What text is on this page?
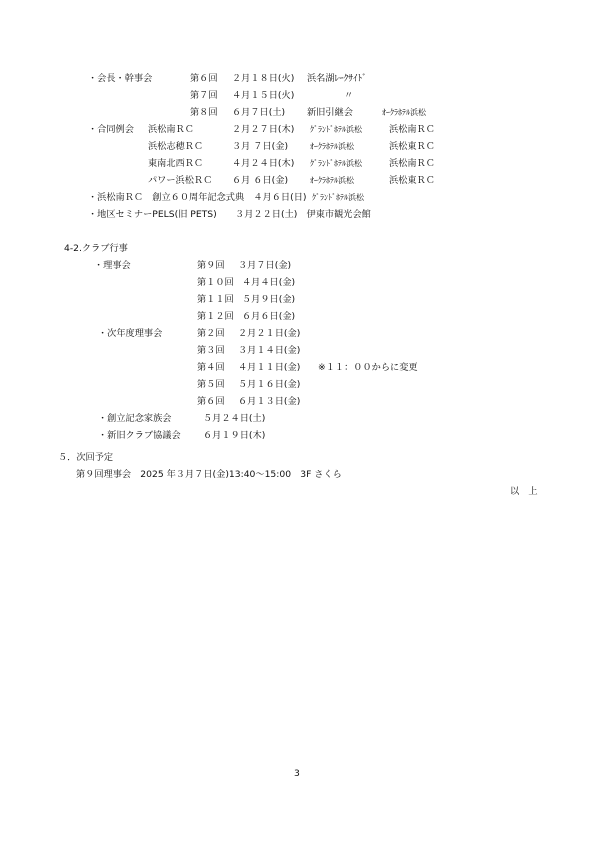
・会長・幹事会	第６回 ２月１８日(火) 浜名湖ﾚｰｸｻｲﾄﾞ
第７回 ４月１５日(火)	〃
第８回 ６月７日(土) 新旧引継会	ｵｰｸﾗﾎﾃﾙ浜松
・合同例会 浜松南ＲＣ	２月２７日(木) ｸﾞﾗﾝﾄﾞﾎﾃﾙ浜松	浜松南ＲＣ
浜松志穂ＲＣ	３月 ７日(金)	ｵｰｸﾗﾎﾃﾙ浜松	浜松東ＲＣ
東南北西ＲＣ	４月２４日(木) ｸﾞﾗﾝﾄﾞﾎﾃﾙ浜松	浜松南ＲＣ
パワー浜松ＲＣ ６月 ６日(金)	ｵｰｸﾗﾎﾃﾙ浜松	浜松東ＲＣ
・浜松南ＲＣ　創立６０周年記念式典　４月６日(日) ｸﾞﾗﾝﾄﾞﾎﾃﾙ浜松
・地区セミナーPELS(旧 PETS)　　３月２２日(土)　伊東市観光会館
4-2.クラブ行事
・理事会	第９回 ３月７日(金)
第１０回 ４月４日(金)
第１１回 ５月９日(金)
第１２回 ６月６日(金)
・次年度理事会	第２回 ２月２１日(金)
第３回 ３月１４日(金)
第４回 ４月１１日(金) ※１１：００からに変更
第５回 ５月１６日(金)
第６回 ６月１３日(金)
・創立記念家族会	５月２４日(土)
・新旧クラブ協議会 ６月１９日(木)
５．次回予定
第９回理事会　2025 年３月７日(金)13:40～15:00　3F さくら
以　上
3
